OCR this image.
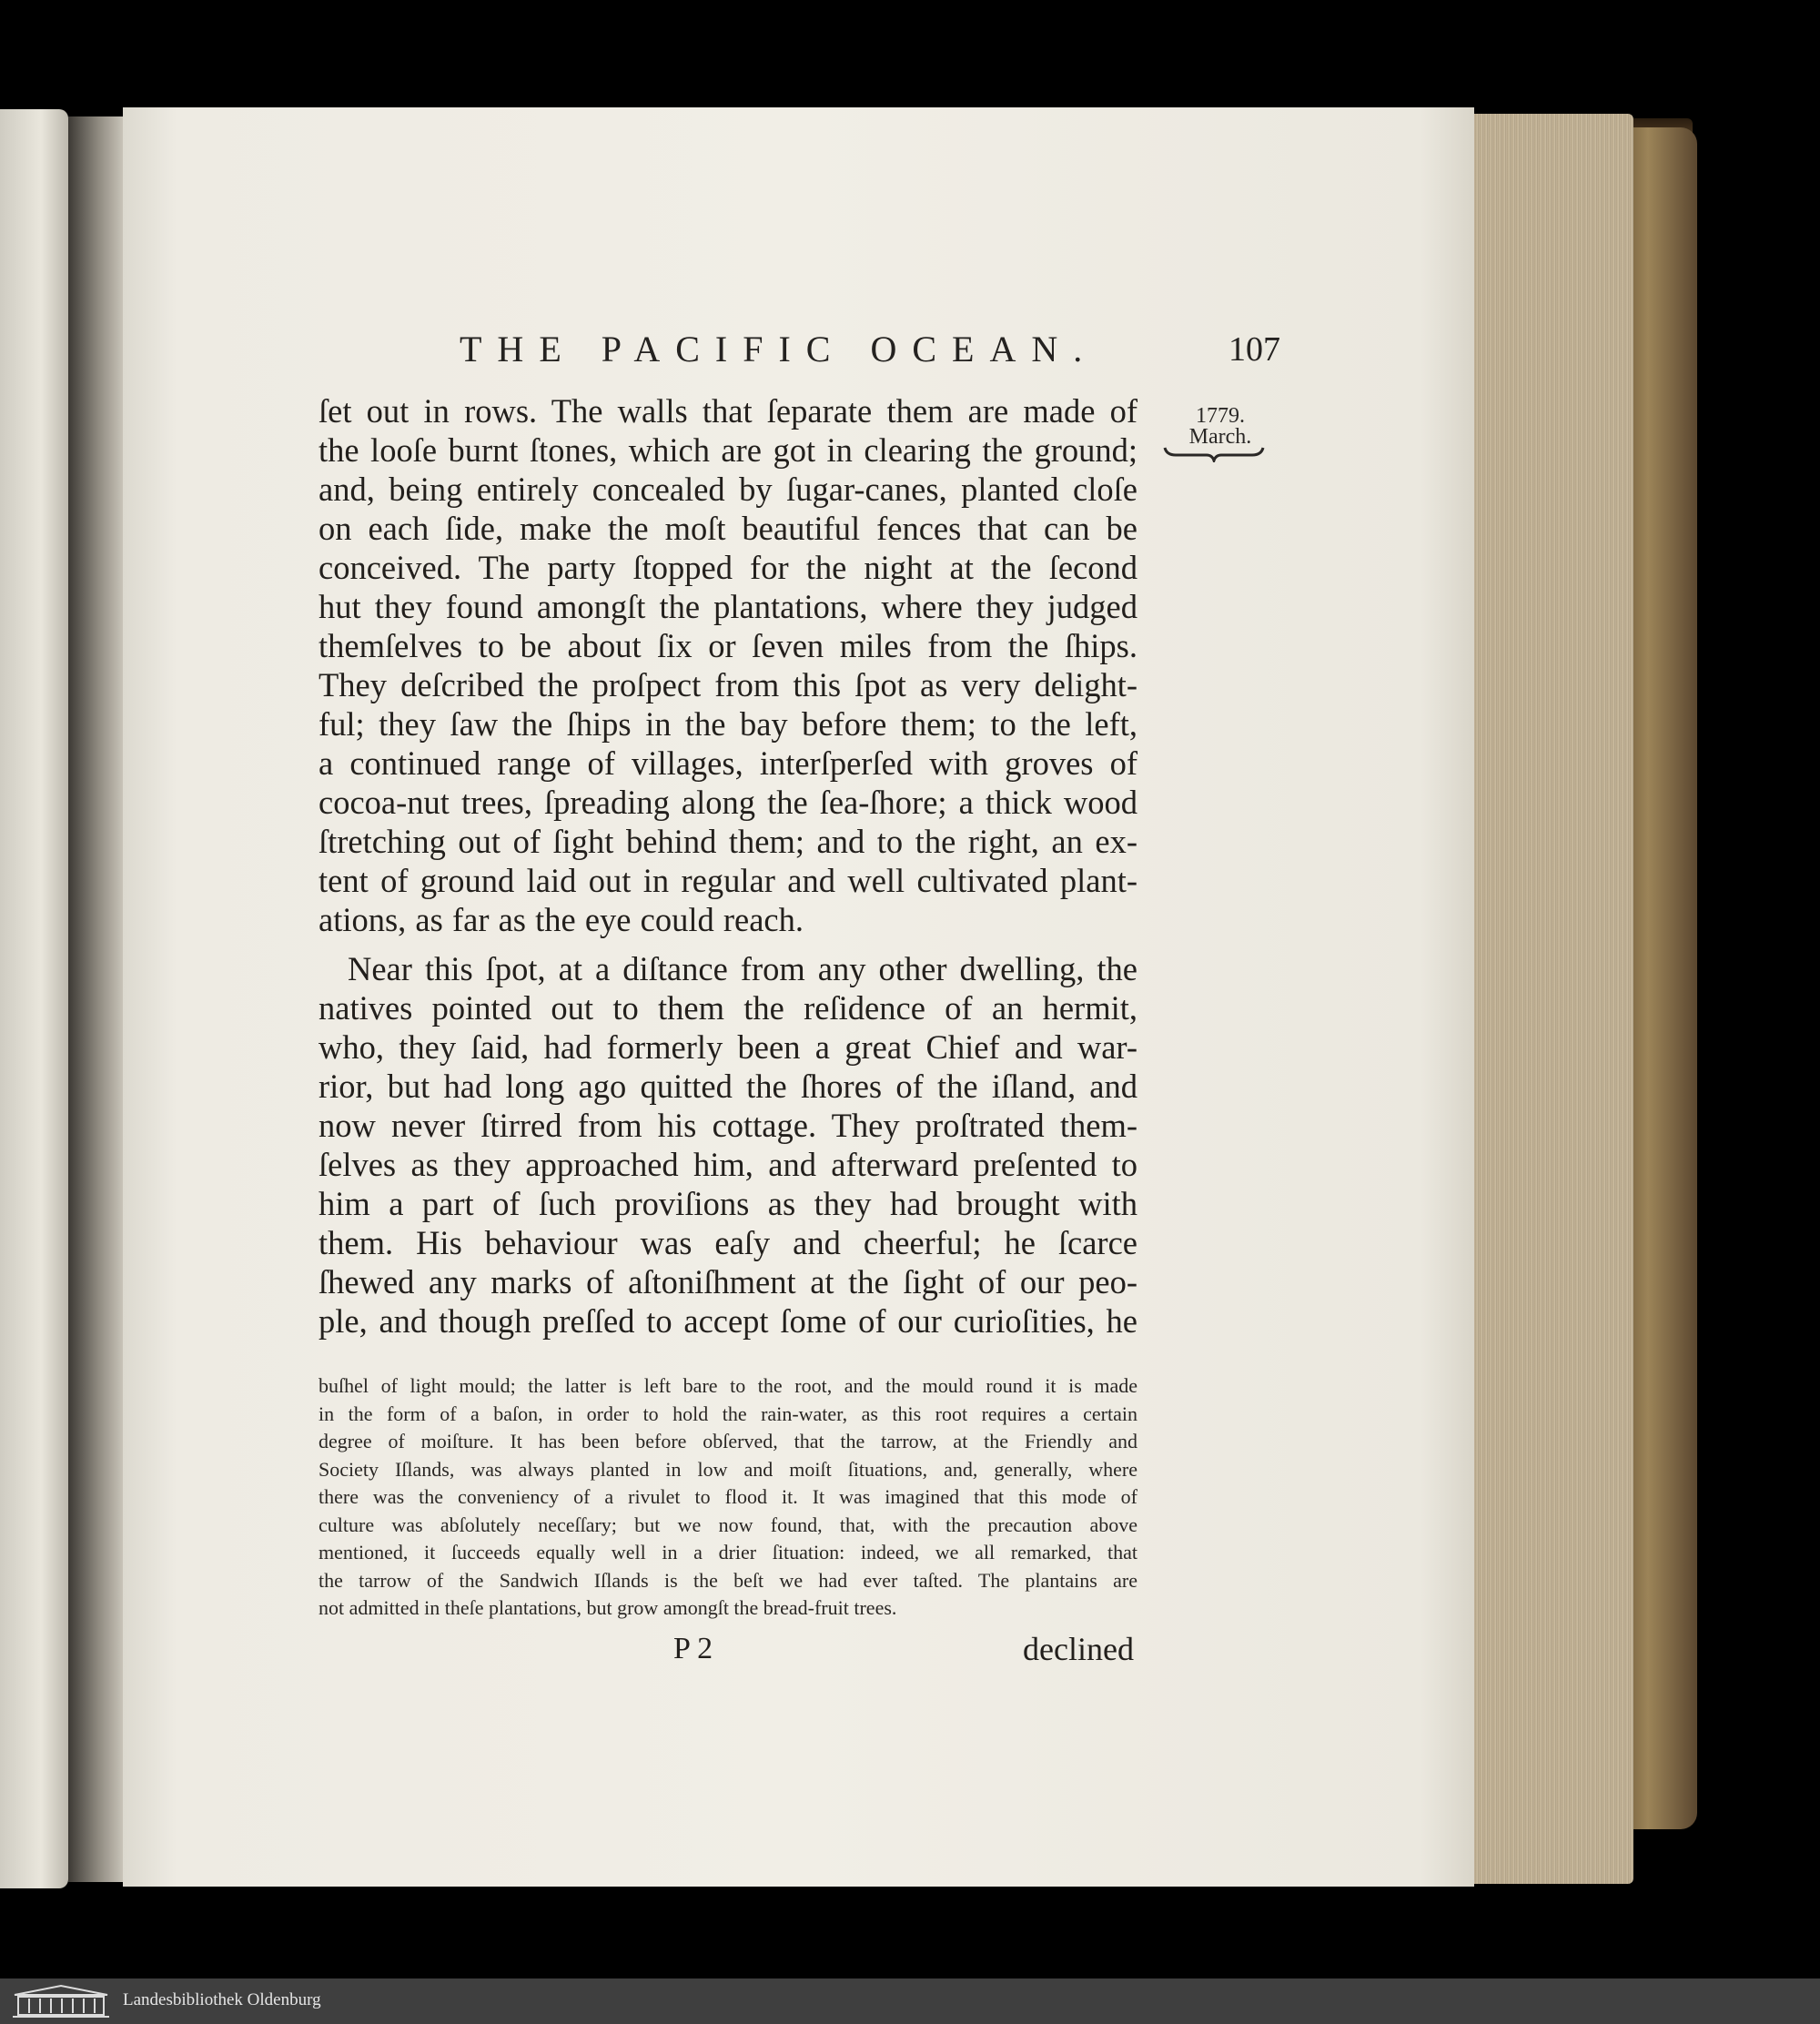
THE PACIFIC OCEAN.	107
1779.
March.
ſet out in rows. The walls that ſeparate them are made of
the looſe burnt ſtones, which are got in clearing the ground;
and, being entirely concealed by ſugar-canes, planted cloſe
on each ſide, make the moſt beautiful fences that can be
conceived. The party ſtopped for the night at the ſecond
hut they found amongſt the plantations, where they judged
themſelves to be about ſix or ſeven miles from the ſhips.
They deſcribed the proſpect from this ſpot as very delight-
ful; they ſaw the ſhips in the bay before them; to the left,
a continued range of villages, interſperſed with groves of
cocoa-nut trees, ſpreading along the ſea-ſhore; a thick wood
ſtretching out of ſight behind them; and to the right, an ex-
tent of ground laid out in regular and well cultivated plant-
ations, as far as the eye could reach.
Near this ſpot, at a diſtance from any other dwelling, the
natives pointed out to them the reſidence of an hermit,
who, they ſaid, had formerly been a great Chief and war-
rior, but had long ago quitted the ſhores of the iſland, and
now never ſtirred from his cottage. They proſtrated them-
ſelves as they approached him, and afterward preſented to
him a part of ſuch proviſions as they had brought with
them. His behaviour was eaſy and cheerful; he ſcarce
ſhewed any marks of aſtoniſhment at the ſight of our peo-
ple, and though preſſed to accept ſome of our curioſities, he
buſhel of light mould; the latter is left bare to the root, and the mould round it is made
in the form of a baſon, in order to hold the rain-water, as this root requires a certain
degree of moiſture. It has been before obſerved, that the tarrow, at the Friendly and
Society Iſlands, was always planted in low and moiſt ſituations, and, generally, where
there was the conveniency of a rivulet to flood it. It was imagined that this mode of
culture was abſolutely neceſſary; but we now found, that, with the precaution above
mentioned, it ſucceeds equally well in a drier ſituation: indeed, we all remarked, that
the tarrow of the Sandwich Iſlands is the beſt we had ever taſted. The plantains are
not admitted in theſe plantations, but grow amongſt the bread-fruit trees.
P 2	declined
Landesbibliothek Oldenburg
